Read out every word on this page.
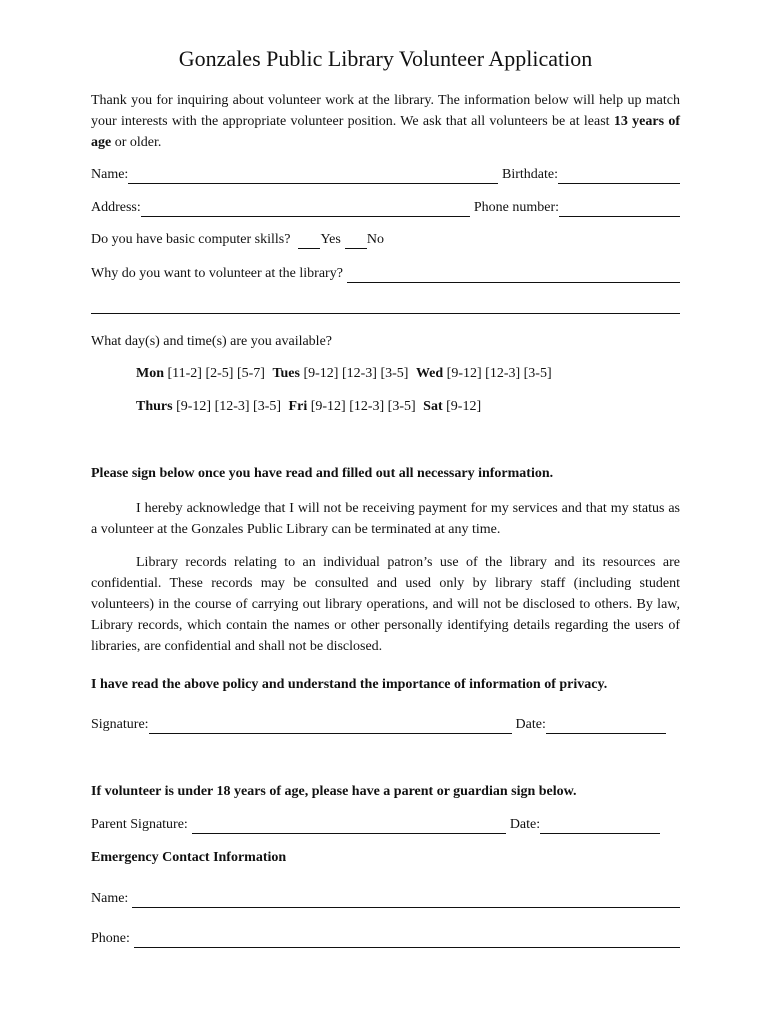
Gonzales Public Library Volunteer Application
Thank you for inquiring about volunteer work at the library. The information below will help up match your interests with the appropriate volunteer position. We ask that all volunteers be at least 13 years of age or older.
Name:	Birthdate:
Address:	Phone number:
Do you have basic computer skills? Yes No
Why do you want to volunteer at the library?
What day(s) and time(s) are you available?
Mon [11-2] [2-5] [5-7] Tues [9-12] [12-3] [3-5] Wed [9-12] [12-3] [3-5]
Thurs [9-12] [12-3] [3-5] Fri [9-12] [12-3] [3-5] Sat [9-12]
Please sign below once you have read and filled out all necessary information.
I hereby acknowledge that I will not be receiving payment for my services and that my status as a volunteer at the Gonzales Public Library can be terminated at any time.
Library records relating to an individual patron’s use of the library and its resources are confidential. These records may be consulted and used only by library staff (including student volunteers) in the course of carrying out library operations, and will not be disclosed to others. By law, Library records, which contain the names or other personally identifying details regarding the users of libraries, are confidential and shall not be disclosed.
I have read the above policy and understand the importance of information of privacy.
Signature:	Date:
If volunteer is under 18 years of age, please have a parent or guardian sign below.
Parent Signature:	Date:
Emergency Contact Information
Name:
Phone:
